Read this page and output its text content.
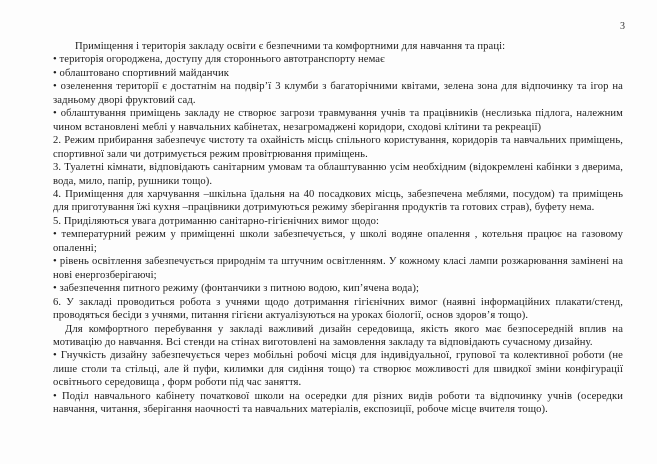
3

Приміщення і територія закладу освіти є безпечними та комфортними для навчання та праці:

• територія огороджена, доступу для стороннього автотранспорту немає

• облаштовано спортивний майданчик

• озеленення території є достатнім на подвір’ї 3 клумби з багаторічними квітами, зелена зона для відпочинку та ігор на задньому дворі фруктовий сад.

• облаштування приміщень закладу не створює загрози травмування учнів та працівників (неслизька підлога, належним чином встановлені меблі у навчальних кабінетах, незагромаджені коридори, сходові клітини та рекреації)

2. Режим прибирання забезпечує чистоту та охайність місць спільного користування, коридорів та навчальних приміщень, спортивної зали чи дотримується режим провітрювання приміщень.

3. Туалетні кімнати, відповідають санітарним умовам та облаштуванню усім необхідним (відокремлені кабінки з дверима, вода, мило, папір, рушники тощо).

4. Приміщення для харчування –шкільна їдальня на 40 посадкових місць, забезпечена меблями, посудом) та приміщень для приготування їжі кухня –працівники дотримуються режиму зберігання продуктів та готових страв), буфету нема.

5. Приділяються увага дотриманню санітарно-гігієнічних вимог щодо:

• температурний режим у приміщенні школи забезпечується, у школі водяне опалення , котельня працює на газовому опаленні;

• рівень освітлення забезпечується природнім та штучним освітленням. У кожному класі лампи розжарювання замінені на нові енергозберігаючі;

• забезпечення питного режиму (фонтанчики з питною водою, кип’ячена вода);

6. У закладі проводиться робота з учнями щодо дотримання гігієнічних вимог (наявні інформаційних плакати/стенд, проводяться бесіди з учнями, питання гігієни актуалізуються на уроках біології, основ здоров’я тощо).

Для комфортного перебування у закладі важливий дизайн середовища, якість якого має безпосередній вплив на мотивацію до навчання. Всі стенди на стінах виготовлені на замовлення закладу та відповідають сучасному дизайну.

• Гнучкість дизайну забезпечується через мобільні робочі місця для індивідуальної, групової та колективної роботи (не лише столи та стільці, але й пуфи, килимки для сидіння тощо) та створює можливості для швидкої зміни конфігурації освітнього середовища , форм роботи під час заняття.

• Поділ навчального кабінету початкової школи на осередки для різних видів роботи та відпочинку учнів (осередки навчання, читання, зберігання наочності та навчальних матеріалів, експозиції, робоче місце вчителя тощо).
